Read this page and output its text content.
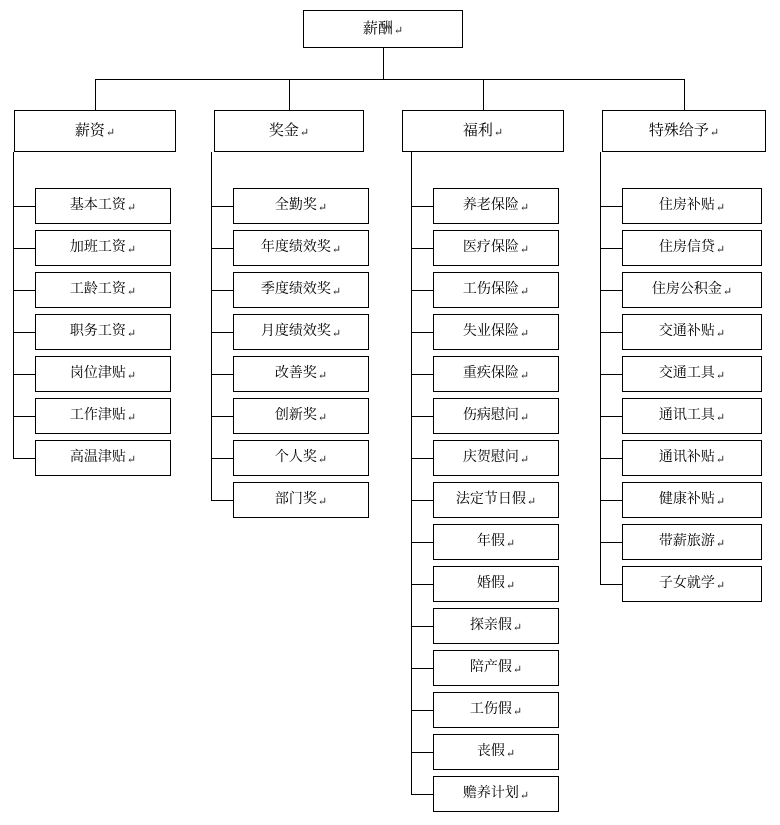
薪酬 ↵
薪资 ↵
基本工资 ↵
加班工资 ↵
工龄工资 ↵
职务工资 ↵
岗位津贴 ↵
工作津贴 ↵
高温津贴 ↵
奖金 ↵
全勤奖 ↵
年度绩效奖 ↵
季度绩效奖 ↵
月度绩效奖 ↵
改善奖 ↵
创新奖 ↵
个人奖 ↵
部门奖 ↵
福利 ↵
养老保险 ↵
医疗保险 ↵
工伤保险 ↵
失业保险 ↵
重疾保险 ↵
伤病慰问 ↵
庆贺慰问 ↵
法定节日假 ↵
年假 ↵
婚假 ↵
探亲假 ↵
陪产假 ↵
工伤假 ↵
丧假 ↵
赡养计划 ↵
特殊给予 ↵
住房补贴 ↵
住房信贷 ↵
住房公积金 ↵
交通补贴 ↵
交通工具 ↵
通讯工具 ↵
通讯补贴 ↵
健康补贴 ↵
带薪旅游 ↵
子女就学 ↵
